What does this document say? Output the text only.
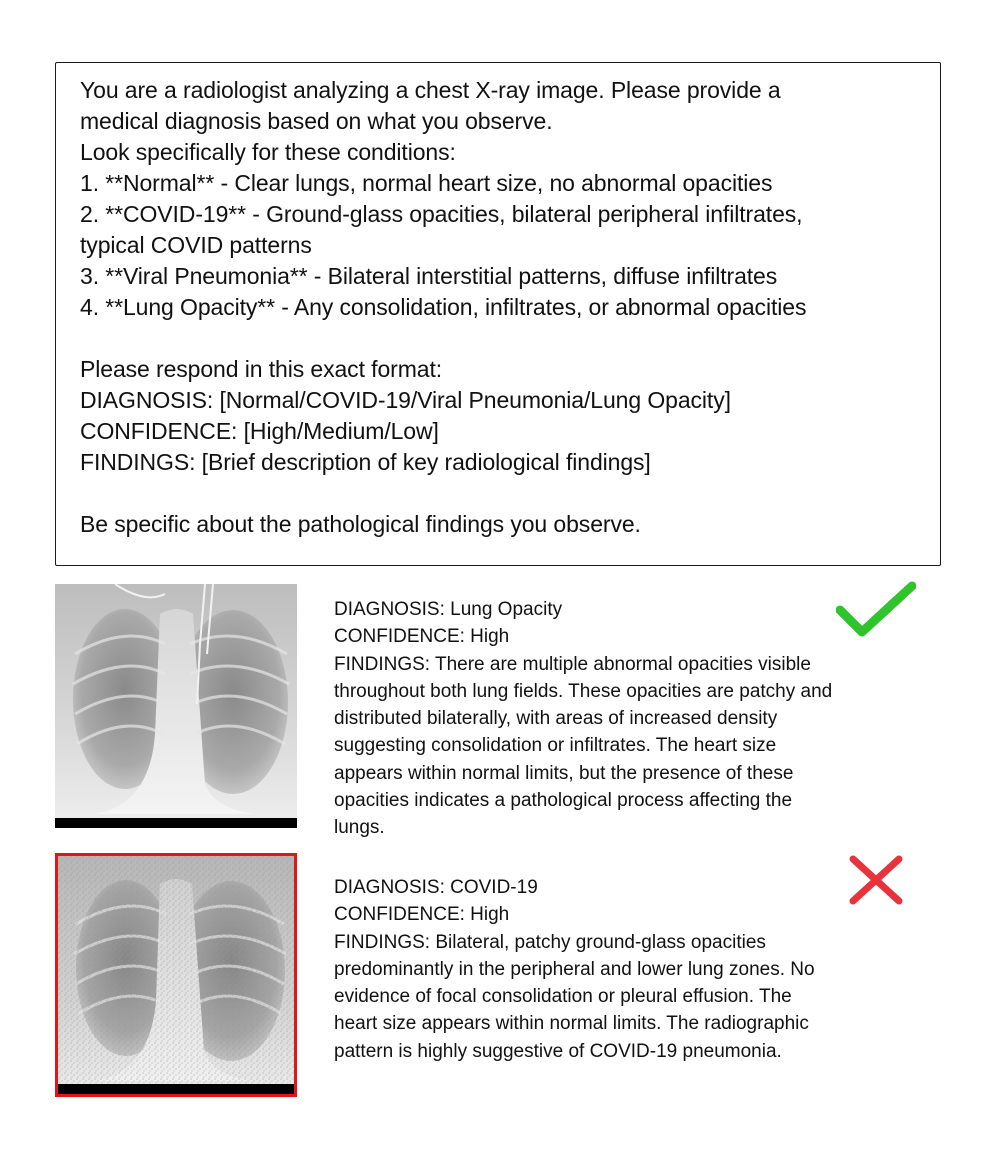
You are a radiologist analyzing a chest X-ray image. Please provide a
medical diagnosis based on what you observe.
Look specifically for these conditions:
1. **Normal** - Clear lungs, normal heart size, no abnormal opacities
2. **COVID-19** - Ground-glass opacities, bilateral peripheral infiltrates,
typical COVID patterns
3. **Viral Pneumonia** - Bilateral interstitial patterns, diffuse infiltrates
4. **Lung Opacity** - Any consolidation, infiltrates, or abnormal opacities
Please respond in this exact format:
DIAGNOSIS: [Normal/COVID-19/Viral Pneumonia/Lung Opacity]
CONFIDENCE: [High/Medium/Low]
FINDINGS: [Brief description of key radiological findings]
Be specific about the pathological findings you observe.
DIAGNOSIS: Lung Opacity
CONFIDENCE: High
FINDINGS: There are multiple abnormal opacities visible
throughout both lung fields. These opacities are patchy and
distributed bilaterally, with areas of increased density
suggesting consolidation or infiltrates. The heart size
appears within normal limits, but the presence of these
opacities indicates a pathological process affecting the
lungs.
DIAGNOSIS: COVID-19
CONFIDENCE: High
FINDINGS: Bilateral, patchy ground-glass opacities
predominantly in the peripheral and lower lung zones. No
evidence of focal consolidation or pleural effusion. The
heart size appears within normal limits. The radiographic
pattern is highly suggestive of COVID-19 pneumonia.
